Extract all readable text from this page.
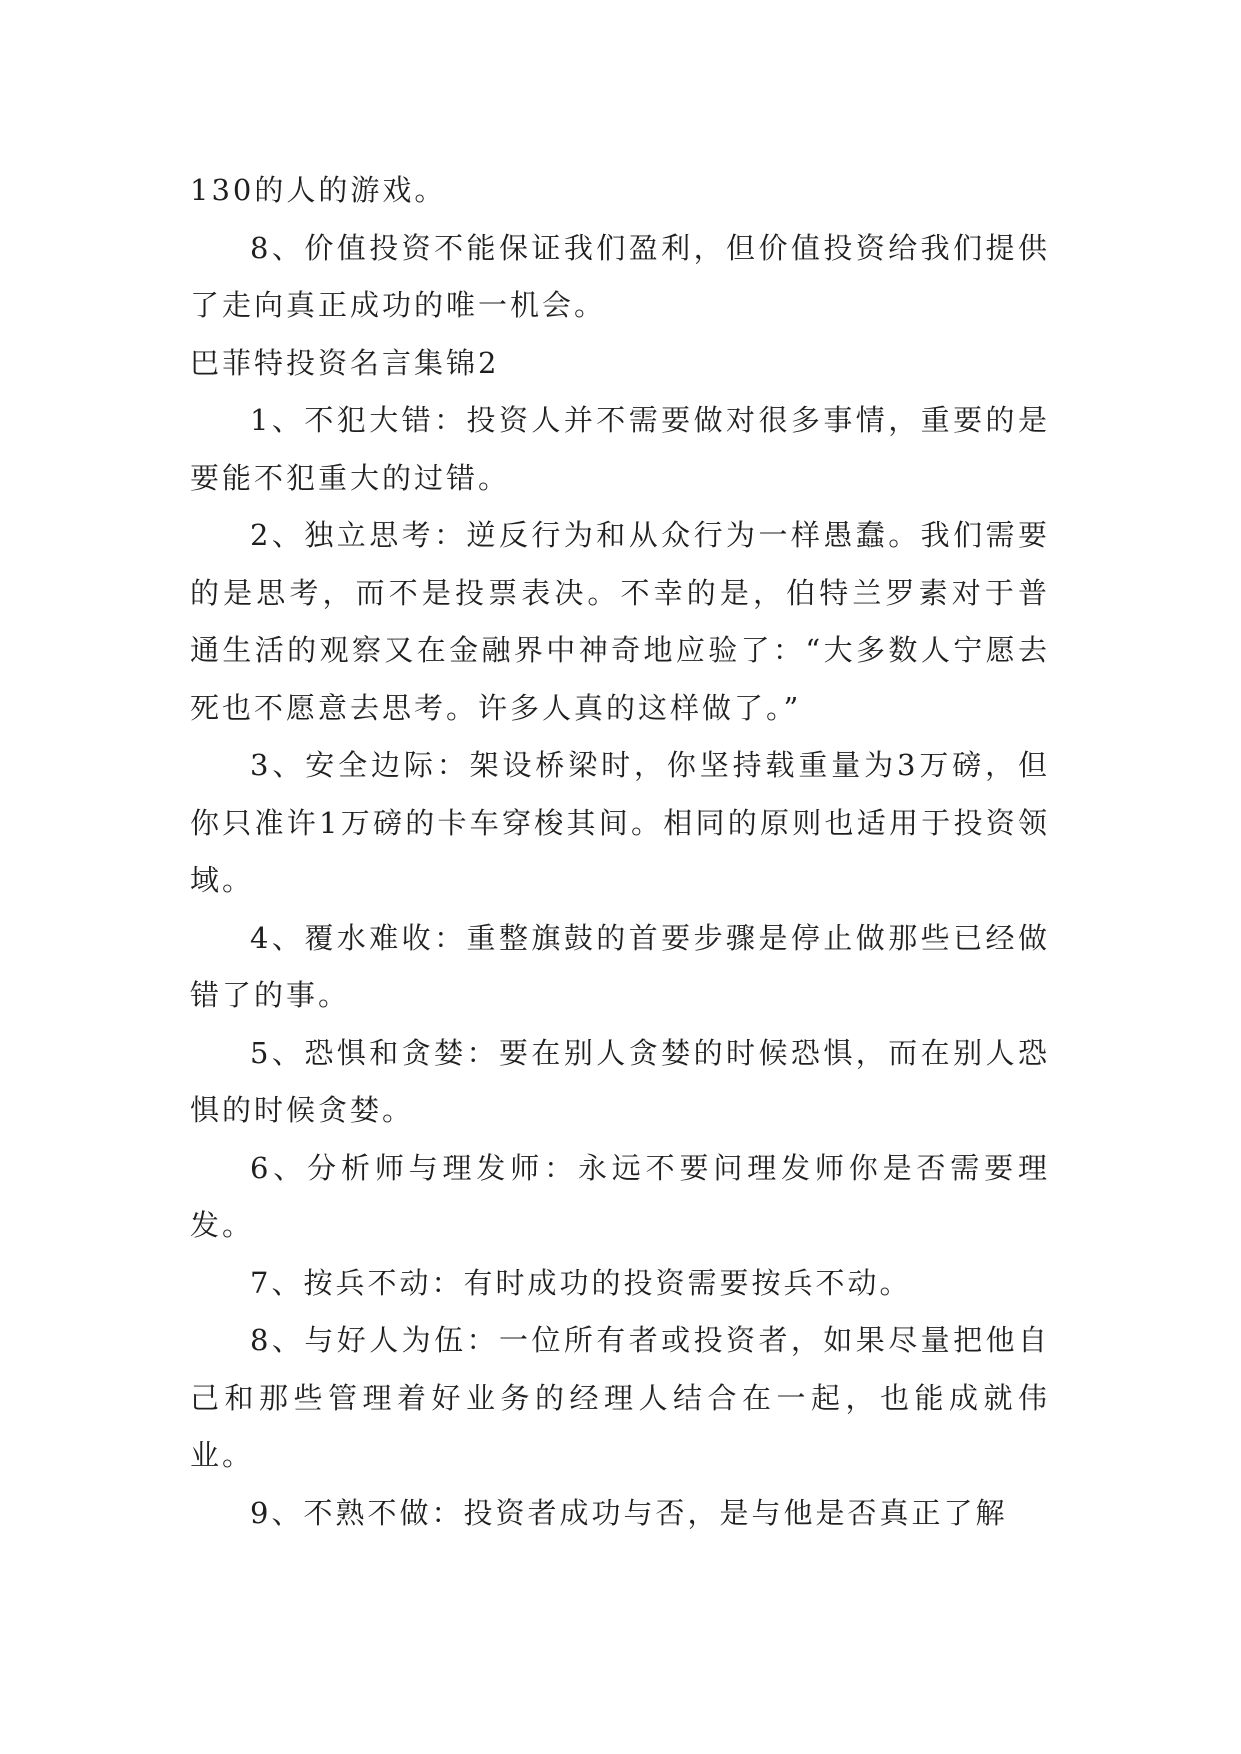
130的人的游戏。

8、价值投资不能保证我们盈利，但价值投资给我们提供了走向真正成功的唯一机会。

巴菲特投资名言集锦2

1、不犯大错：投资人并不需要做对很多事情，重要的是要能不犯重大的过错。

2、独立思考：逆反行为和从众行为一样愚蠢。我们需要的是思考，而不是投票表决。不幸的是，伯特兰罗素对于普通生活的观察又在金融界中神奇地应验了：“大多数人宁愿去死也不愿意去思考。许多人真的这样做了。”

3、安全边际：架设桥梁时，你坚持载重量为3万磅，但你只准许1万磅的卡车穿梭其间。相同的原则也适用于投资领域。

4、覆水难收：重整旗鼓的首要步骤是停止做那些已经做错了的事。

5、恐惧和贪婪：要在别人贪婪的时候恐惧，而在别人恐惧的时候贪婪。

6、分析师与理发师：永远不要问理发师你是否需要理发。

7、按兵不动：有时成功的投资需要按兵不动。

8、与好人为伍：一位所有者或投资者，如果尽量把他自己和那些管理着好业务的经理人结合在一起，也能成就伟业。

9、不熟不做：投资者成功与否，是与他是否真正了解
